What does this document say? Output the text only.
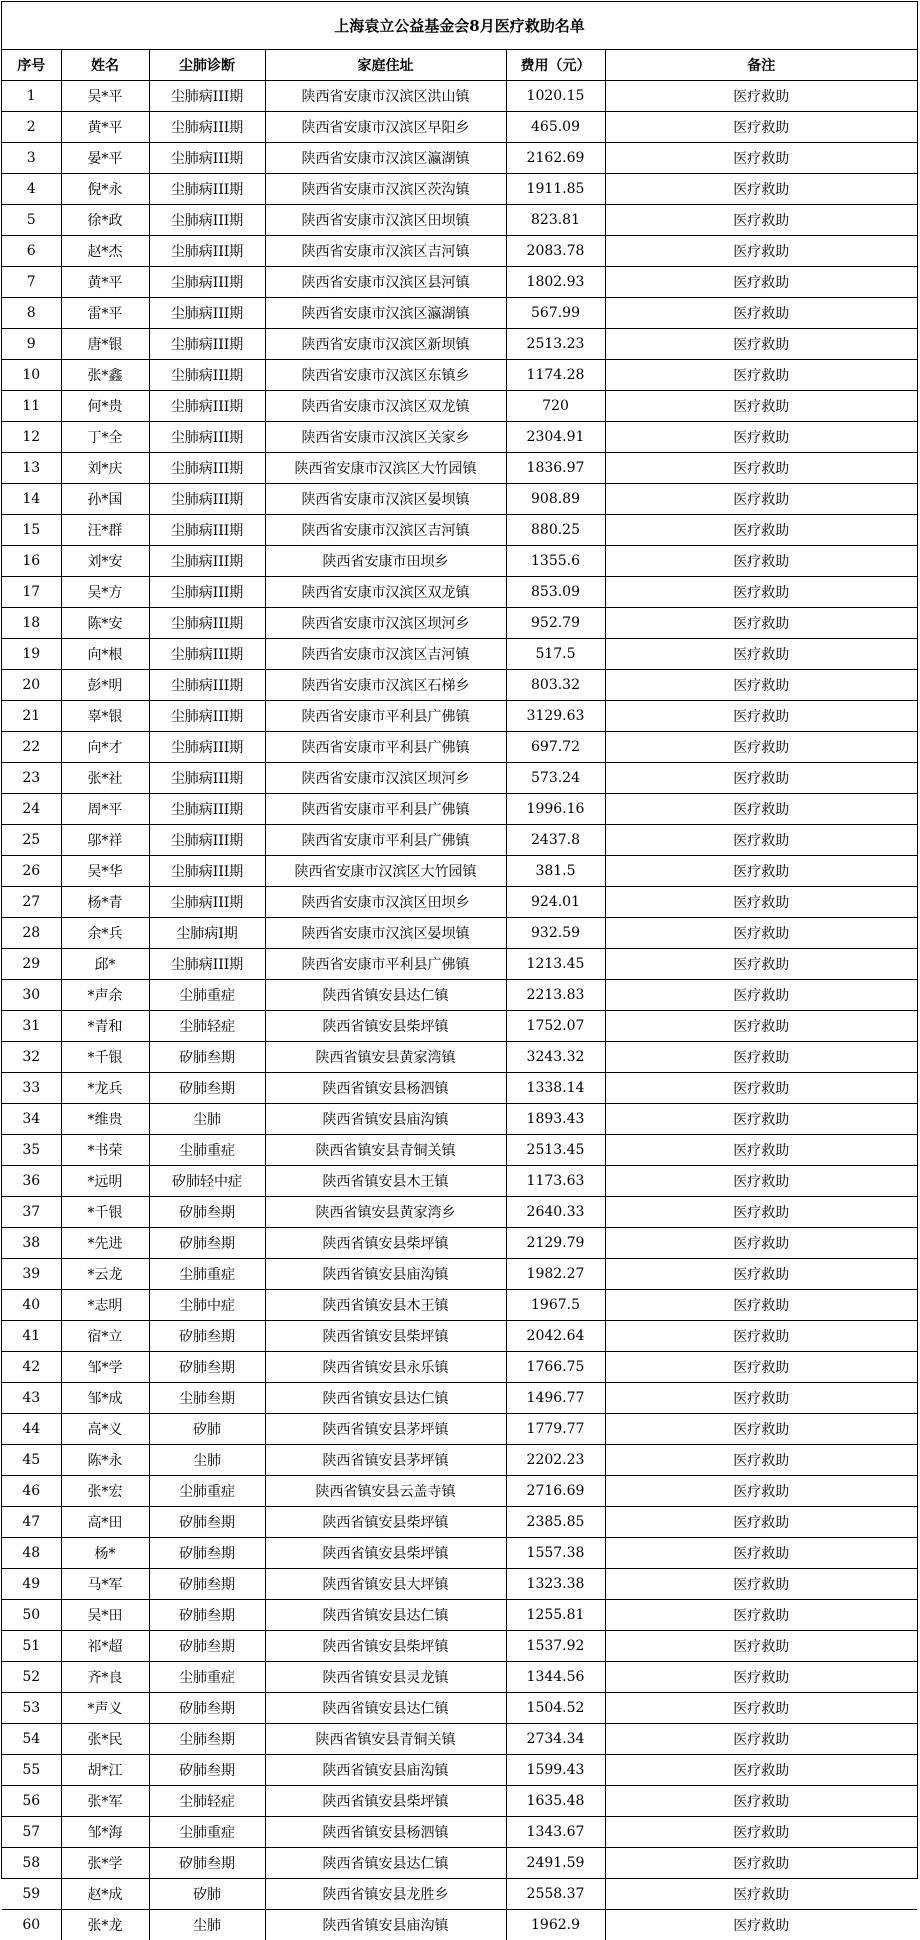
上海袁立公益基金会8月医疗救助名单
序号	姓名	尘肺诊断	家庭住址	费用（元）	备注
1	吴*平	尘肺病III期	陕西省安康市汉滨区洪山镇	1020.15	医疗救助
2	黄*平	尘肺病III期	陕西省安康市汉滨区早阳乡	465.09	医疗救助
3	晏*平	尘肺病III期	陕西省安康市汉滨区瀛湖镇	2162.69	医疗救助
4	倪*永	尘肺病III期	陕西省安康市汉滨区茨沟镇	1911.85	医疗救助
5	徐*政	尘肺病III期	陕西省安康市汉滨区田坝镇	823.81	医疗救助
6	赵*杰	尘肺病III期	陕西省安康市汉滨区吉河镇	2083.78	医疗救助
7	黄*平	尘肺病III期	陕西省安康市汉滨区县河镇	1802.93	医疗救助
8	雷*平	尘肺病III期	陕西省安康市汉滨区瀛湖镇	567.99	医疗救助
9	唐*银	尘肺病III期	陕西省安康市汉滨区新坝镇	2513.23	医疗救助
10	张*鑫	尘肺病III期	陕西省安康市汉滨区东镇乡	1174.28	医疗救助
11	何*贵	尘肺病III期	陕西省安康市汉滨区双龙镇	720	医疗救助
12	丁*全	尘肺病III期	陕西省安康市汉滨区关家乡	2304.91	医疗救助
13	刘*庆	尘肺病III期	陕西省安康市汉滨区大竹园镇	1836.97	医疗救助
14	孙*国	尘肺病III期	陕西省安康市汉滨区晏坝镇	908.89	医疗救助
15	汪*群	尘肺病III期	陕西省安康市汉滨区吉河镇	880.25	医疗救助
16	刘*安	尘肺病III期	陕西省安康市田坝乡	1355.6	医疗救助
17	吴*方	尘肺病III期	陕西省安康市汉滨区双龙镇	853.09	医疗救助
18	陈*安	尘肺病III期	陕西省安康市汉滨区坝河乡	952.79	医疗救助
19	向*根	尘肺病III期	陕西省安康市汉滨区吉河镇	517.5	医疗救助
20	彭*明	尘肺病III期	陕西省安康市汉滨区石梯乡	803.32	医疗救助
21	辜*银	尘肺病III期	陕西省安康市平利县广佛镇	3129.63	医疗救助
22	向*才	尘肺病III期	陕西省安康市平利县广佛镇	697.72	医疗救助
23	张*社	尘肺病III期	陕西省安康市汉滨区坝河乡	573.24	医疗救助
24	周*平	尘肺病III期	陕西省安康市平利县广佛镇	1996.16	医疗救助
25	邬*祥	尘肺病III期	陕西省安康市平利县广佛镇	2437.8	医疗救助
26	吴*华	尘肺病III期	陕西省安康市汉滨区大竹园镇	381.5	医疗救助
27	杨*青	尘肺病III期	陕西省安康市汉滨区田坝乡	924.01	医疗救助
28	余*兵	尘肺病I期	陕西省安康市汉滨区晏坝镇	932.59	医疗救助
29	邱*	尘肺病III期	陕西省安康市平利县广佛镇	1213.45	医疗救助
30	*声余	尘肺重症	陕西省镇安县达仁镇	2213.83	医疗救助
31	*青和	尘肺轻症	陕西省镇安县柴坪镇	1752.07	医疗救助
32	*千银	矽肺叁期	陕西省镇安县黄家湾镇	3243.32	医疗救助
33	*龙兵	矽肺叁期	陕西省镇安县杨泗镇	1338.14	医疗救助
34	*维贵	尘肺	陕西省镇安县庙沟镇	1893.43	医疗救助
35	*书荣	尘肺重症	陕西省镇安县青铜关镇	2513.45	医疗救助
36	*远明	矽肺轻中症	陕西省镇安县木王镇	1173.63	医疗救助
37	*千银	矽肺叁期	陕西省镇安县黄家湾乡	2640.33	医疗救助
38	*先进	矽肺叁期	陕西省镇安县柴坪镇	2129.79	医疗救助
39	*云龙	尘肺重症	陕西省镇安县庙沟镇	1982.27	医疗救助
40	*志明	尘肺中症	陕西省镇安县木王镇	1967.5	医疗救助
41	宿*立	矽肺叁期	陕西省镇安县柴坪镇	2042.64	医疗救助
42	邹*学	矽肺叁期	陕西省镇安县永乐镇	1766.75	医疗救助
43	邹*成	尘肺叁期	陕西省镇安县达仁镇	1496.77	医疗救助
44	高*义	矽肺	陕西省镇安县茅坪镇	1779.77	医疗救助
45	陈*永	尘肺	陕西省镇安县茅坪镇	2202.23	医疗救助
46	张*宏	尘肺重症	陕西省镇安县云盖寺镇	2716.69	医疗救助
47	高*田	矽肺叁期	陕西省镇安县柴坪镇	2385.85	医疗救助
48	杨*	矽肺叁期	陕西省镇安县柴坪镇	1557.38	医疗救助
49	马*军	矽肺叁期	陕西省镇安县大坪镇	1323.38	医疗救助
50	吴*田	矽肺叁期	陕西省镇安县达仁镇	1255.81	医疗救助
51	祁*超	矽肺叁期	陕西省镇安县柴坪镇	1537.92	医疗救助
52	齐*良	尘肺重症	陕西省镇安县灵龙镇	1344.56	医疗救助
53	*声义	矽肺叁期	陕西省镇安县达仁镇	1504.52	医疗救助
54	张*民	尘肺叁期	陕西省镇安县青铜关镇	2734.34	医疗救助
55	胡*江	矽肺叁期	陕西省镇安县庙沟镇	1599.43	医疗救助
56	张*军	尘肺轻症	陕西省镇安县柴坪镇	1635.48	医疗救助
57	邹*海	尘肺重症	陕西省镇安县杨泗镇	1343.67	医疗救助
58	张*学	矽肺叁期	陕西省镇安县达仁镇	2491.59	医疗救助
59	赵*成	矽肺	陕西省镇安县龙胜乡	2558.37	医疗救助
60	张*龙	尘肺	陕西省镇安县庙沟镇	1962.9	医疗救助
